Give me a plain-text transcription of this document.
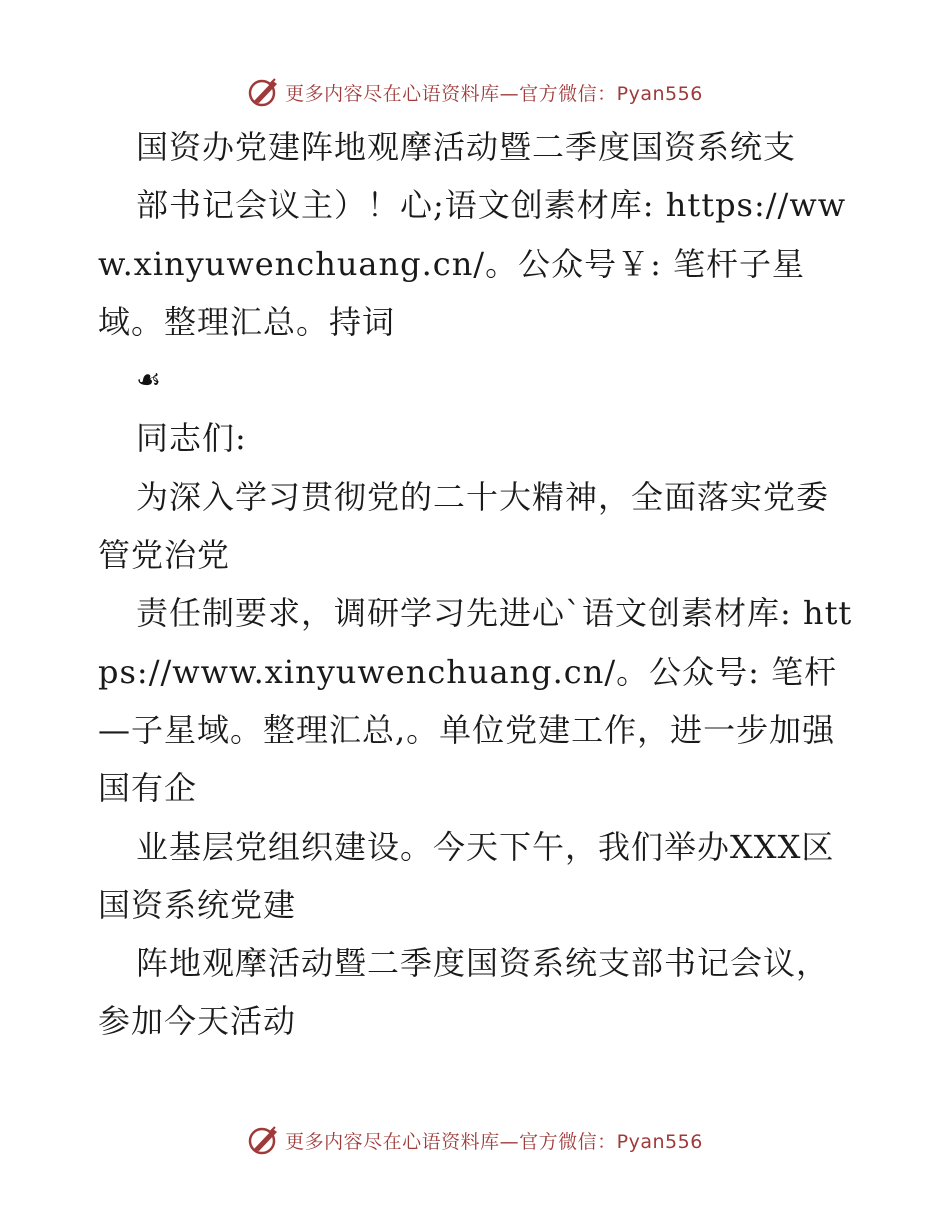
更多内容尽在心语资料库—官方微信：Pyan556

国资办党建阵地观摩活动暨二季度国资系统支

部书记会议主）！心;语文创素材库: https://www.xinyuwenchuang.cn/。公众号￥: 笔杆子星域。整理汇总。持词

☙

同志们:

为深入学习贯彻党的二十大精神，全面落实党委管党治党

责任制要求，调研学习先进心`语文创素材库: https://www.xinyuwenchuang.cn/。公众号: 笔杆—子星域。整理汇总,。单位党建工作，进一步加强国有企

业基层党组织建设。今天下午，我们举办XXX区国资系统党建

阵地观摩活动暨二季度国资系统支部书记会议，参加今天活动

更多内容尽在心语资料库—官方微信：Pyan556
